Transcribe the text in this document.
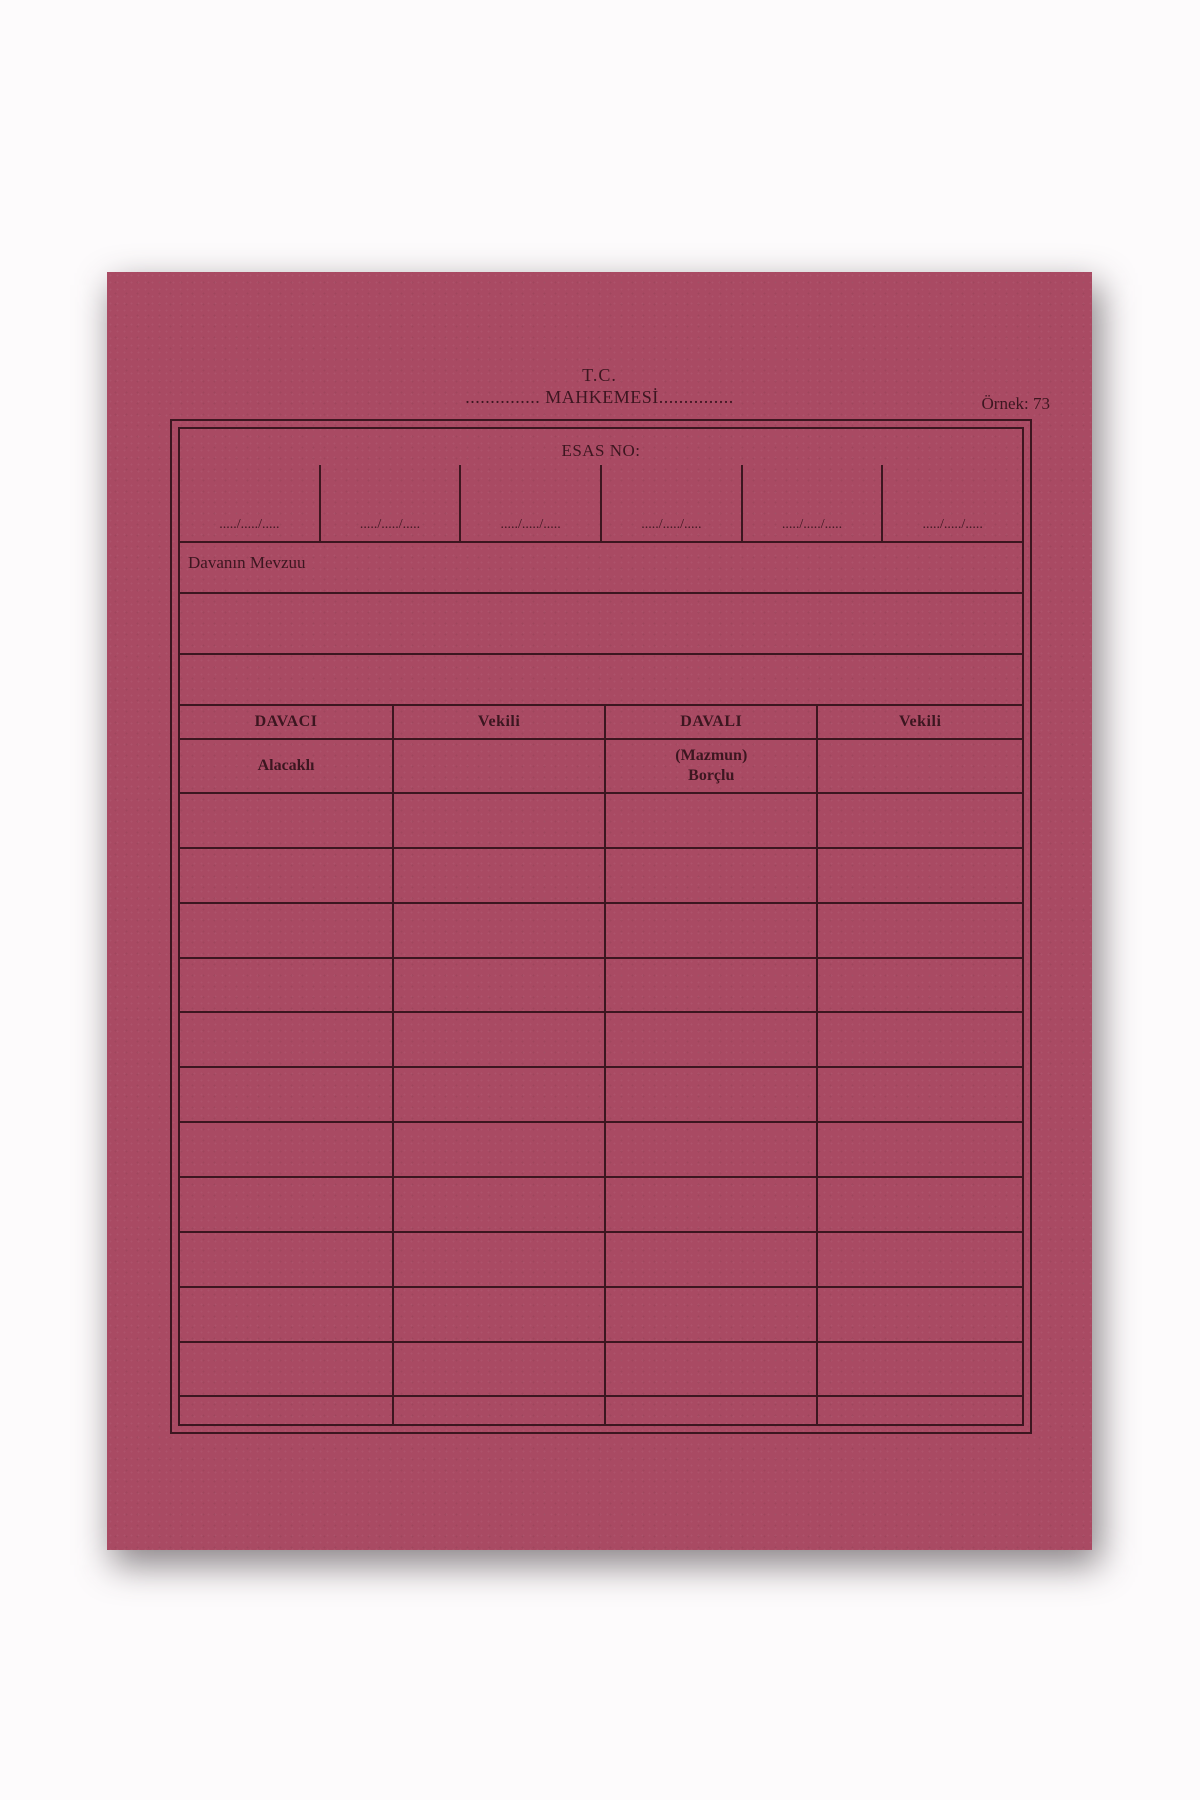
T.C.
............... MAHKEMESİ...............	Örnek: 73
ESAS NO:
...../...../.....	...../...../.....	...../...../.....	...../...../.....	...../...../.....	...../...../.....
Davanın Mevzuu
DAVACI	Vekili	DAVALI	Vekili
Alacaklı		(Mazmun)
Borçlu	
